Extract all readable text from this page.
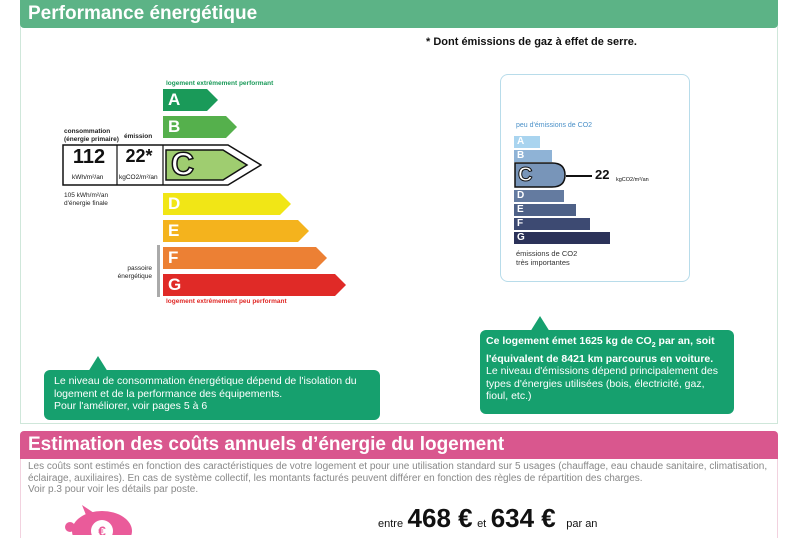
Performance énergétique
* Dont émissions de gaz à effet de serre.
logement extrêmement performant
logement extrêmement peu performant
A
B
D
E
F
G
passoire
énergétique
consommation
(énergie primaire) émission
112
kWh/m²/an
22*
kgCO2/m²/an C
105 kWh/m²/an
d'énergie finale
peu d'émissions de CO2
A
B
C	22 kgCO2/m²/an
D
E
F
G
émissions de CO2
très importantes
Le niveau de consommation énergétique dépend de l'isolation du
logement et de la performance des équipements.
Pour l'améliorer, voir pages 5 à 6
Ce logement émet 1625 kg de $CO_2$ par an, soit
l'équivalent de 8421 km parcourus en voiture.
Le niveau d'émissions dépend principalement des
types d'énergies utilisées (bois, électricité, gaz,
fioul, etc.)
Estimation des coûts annuels d’énergie du logement
Les coûts sont estimés en fonction des caractéristiques de votre logement et pour une utilisation standard sur 5 usages (chauffage, eau chaude sanitaire, climatisation,
éclairage, auxiliaires). En cas de système collectif, les montants facturés peuvent différer en fonction des règles de répartition des charges.
Voir p.3 pour voir les détails par poste.
€	entre 468 € et 634 € par an
